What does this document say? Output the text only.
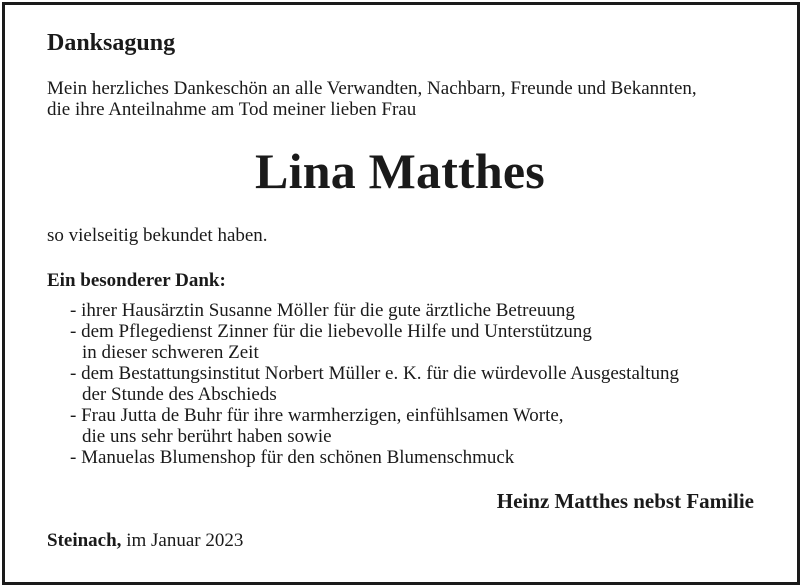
Danksagung

Mein herzliches Dankeschön an alle Verwandten, Nachbarn, Freunde und Bekannten,
die ihre Anteilnahme am Tod meiner lieben Frau

Lina Matthes

so vielseitig bekundet haben.

Ein besonderer Dank:

- ihrer Hausärztin Susanne Möller für die gute ärztliche Betreuung
- dem Pflegedienst Zinner für die liebevolle Hilfe und Unterstützung
in dieser schweren Zeit
- dem Bestattungsinstitut Norbert Müller e. K. für die würdevolle Ausgestaltung
der Stunde des Abschieds
- Frau Jutta de Buhr für ihre warmherzigen, einfühlsamen Worte,
die uns sehr berührt haben sowie
- Manuelas Blumenshop für den schönen Blumenschmuck

Heinz Matthes nebst Familie

Steinach, im Januar 2023
